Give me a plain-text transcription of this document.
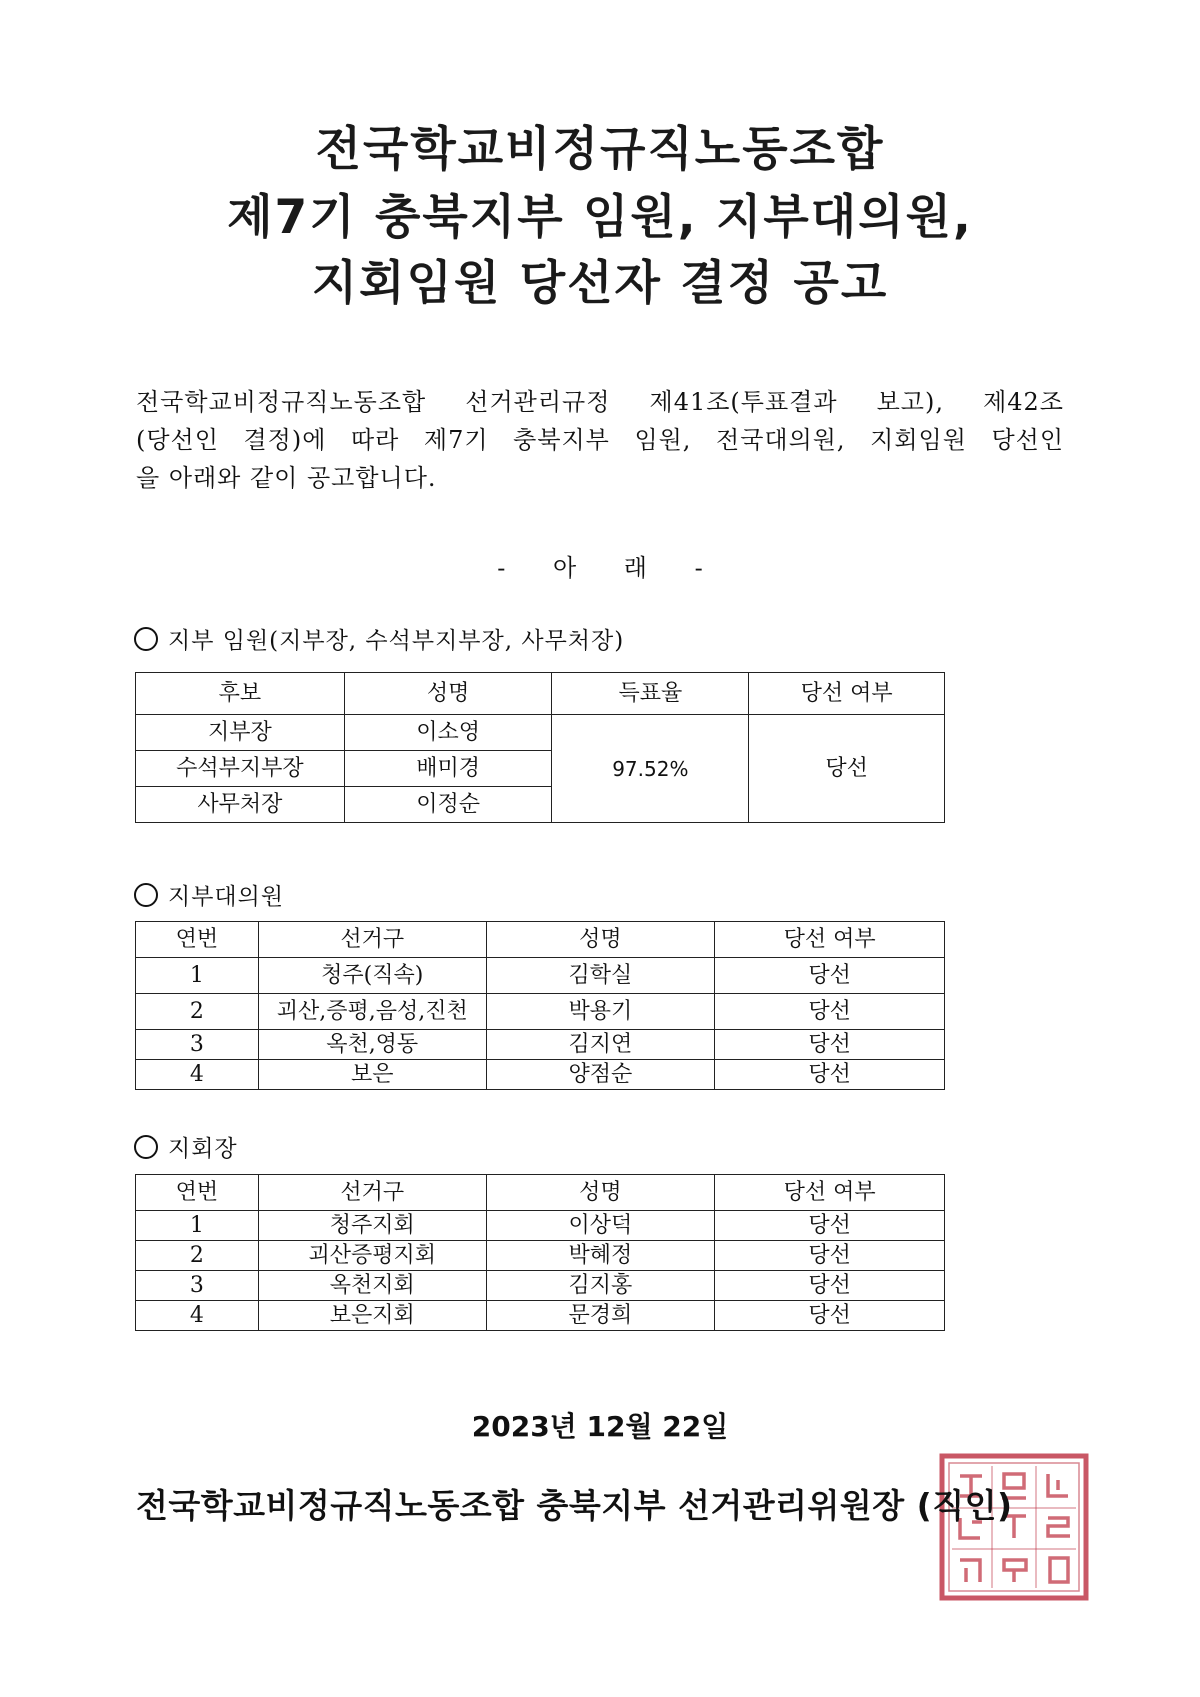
전국학교비정규직노동조합
제7기 충북지부 임원, 지부대의원,
지회임원 당선자 결정 공고
전국학교비정규직노동조합 선거관리규정 제41조(투표결과 보고), 제42조
(당선인 결정)에 따라 제7기 충북지부 임원, 전국대의원, 지회임원 당선인
을 아래와 같이 공고합니다.
- 아 래 -
지부 임원(지부장, 수석부지부장, 사무처장)
후보	성명	득표율	당선 여부
지부장	이소영	97.52%	당선
수석부지부장	배미경		
사무처장	이정순		
지부대의원
연번	선거구	성명	당선 여부
1	청주(직속)	김학실	당선
2	괴산,증평,음성,진천	박용기	당선
3	옥천,영동	김지연	당선
4	보은	양점순	당선
지회장
연번	선거구	성명	당선 여부
1	청주지회	이상덕	당선
2	괴산증평지회	박혜정	당선
3	옥천지회	김지홍	당선
4	보은지회	문경희	당선
2023년 12월 22일
전국학교비정규직노동조합 충북지부 선거관리위원장 (직인)
